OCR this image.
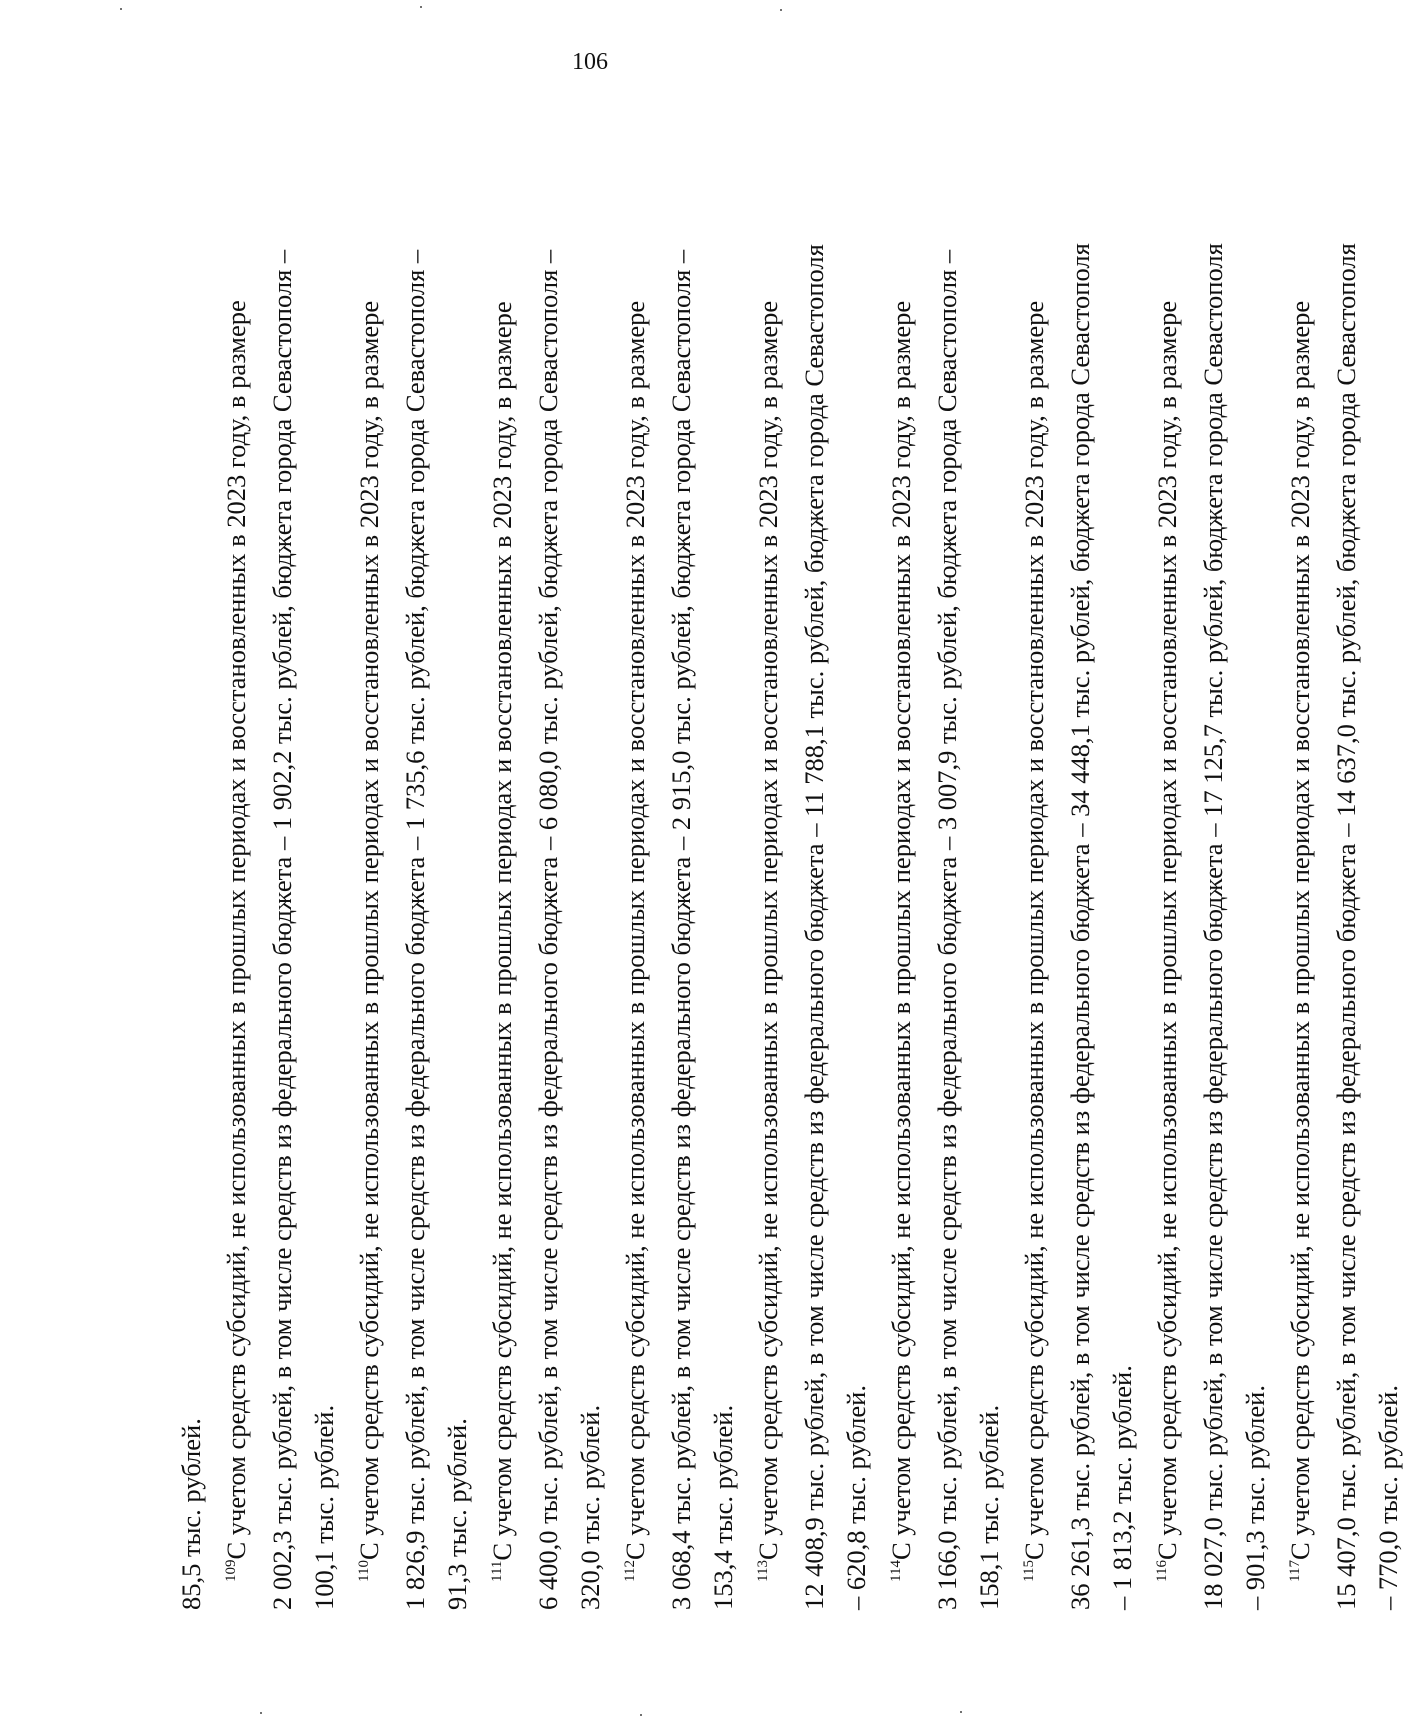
106
85,5 тыс. рублей.	$^{109}$С учетом средств субсидий, не использованных в прошлых периодах и восстановленных в 2023 году, в размере 2 002,3 тыс. рублей, в том числе средств из федерального бюджета – 1 902,2 тыс. рублей, бюджета города Севастополя – 100,1 тыс. рублей.	$^{110}$С учетом средств субсидий, не использованных в прошлых периодах и восстановленных в 2023 году, в размере 1 826,9 тыс. рублей, в том числе средств из федерального бюджета – 1 735,6 тыс. рублей, бюджета города Севастополя – 91,3 тыс. рублей.	$^{111}$С учетом средств субсидий, не использованных в прошлых периодах и восстановленных в 2023 году, в размере 6 400,0 тыс. рублей, в том числе средств из федерального бюджета – 6 080,0 тыс. рублей, бюджета города Севастополя – 320,0 тыс. рублей.	$^{112}$С учетом средств субсидий, не использованных в прошлых периодах и восстановленных в 2023 году, в размере 3 068,4 тыс. рублей, в том числе средств из федерального бюджета – 2 915,0 тыс. рублей, бюджета города Севастополя – 153,4 тыс. рублей.	$^{113}$С учетом средств субсидий, не использованных в прошлых периодах и восстановленных в 2023 году, в размере 12 408,9 тыс. рублей, в том числе средств из федерального бюджета – 11 788,1 тыс. рублей, бюджета города Севастополя – 620,8 тыс. рублей.	$^{114}$С учетом средств субсидий, не использованных в прошлых периодах и восстановленных в 2023 году, в размере 3 166,0 тыс. рублей, в том числе средств из федерального бюджета – 3 007,9 тыс. рублей, бюджета города Севастополя – 158,1 тыс. рублей.	$^{115}$С учетом средств субсидий, не использованных в прошлых периодах и восстановленных в 2023 году, в размере 36 261,3 тыс. рублей, в том числе средств из федерального бюджета – 34 448,1 тыс. рублей, бюджета города Севастополя – 1 813,2 тыс. рублей.	$^{116}$С учетом средств субсидий, не использованных в прошлых периодах и восстановленных в 2023 году, в размере 18 027,0 тыс. рублей, в том числе средств из федерального бюджета – 17 125,7 тыс. рублей, бюджета города Севастополя – 901,3 тыс. рублей.	$^{117}$С учетом средств субсидий, не использованных в прошлых периодах и восстановленных в 2023 году, в размере 15 407,0 тыс. рублей, в том числе средств из федерального бюджета – 14 637,0 тыс. рублей, бюджета города Севастополя – 770,0 тыс. рублей.
